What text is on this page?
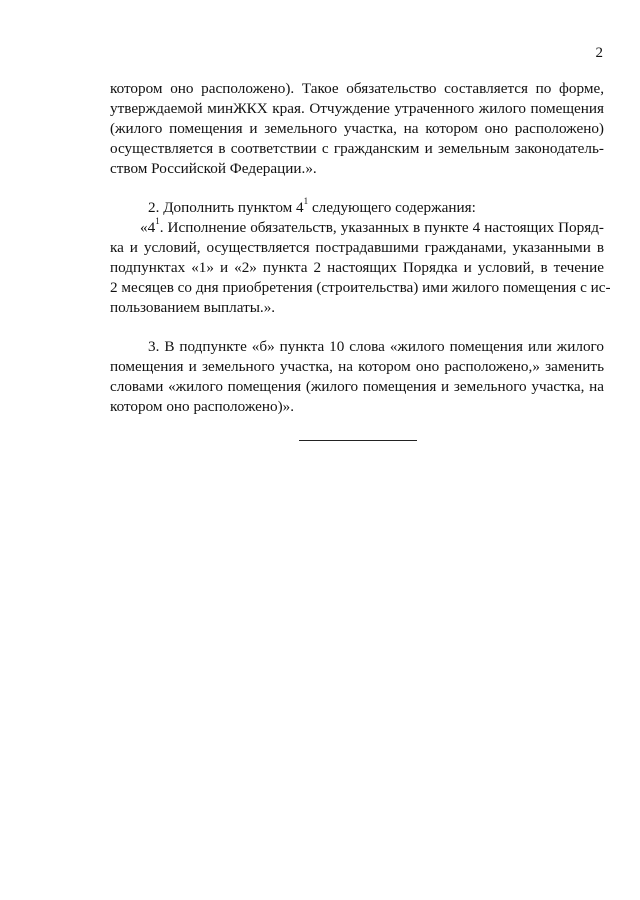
2
котором оно расположено). Такое обязательство составляется по форме,
утверждаемой минЖКХ края. Отчуждение утраченного жилого помещения
(жилого помещения и земельного участка, на котором оно расположено)
осуществляется в соответствии с гражданским и земельным законодатель-
ством Российской Федерации.».
2. Дополнить пунктом $4^1$ следующего содержания:
«$4^1$. Исполнение обязательств, указанных в пункте 4 настоящих Поряд-
ка и условий, осуществляется пострадавшими гражданами, указанными в
подпунктах «1» и «2» пункта 2 настоящих Порядка и условий, в течение
2 месяцев со дня приобретения (строительства) ими жилого помещения с ис-
пользованием выплаты.».
3. В подпункте «б» пункта 10 слова «жилого помещения или жилого
помещения и земельного участка, на котором оно расположено,» заменить
словами «жилого помещения (жилого помещения и земельного участка, на
котором оно расположено)».
